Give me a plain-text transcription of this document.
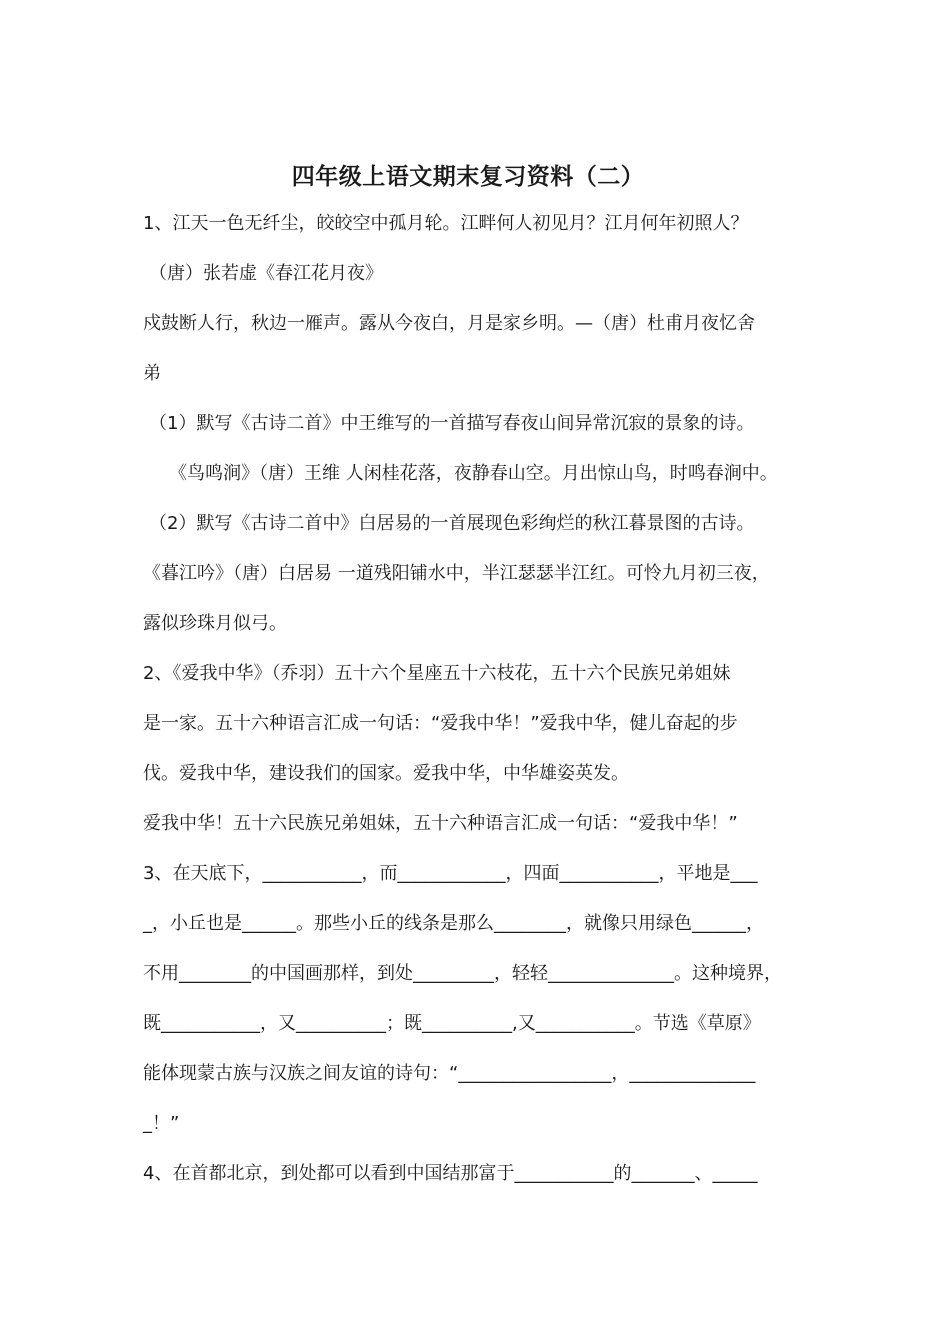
四年级上语文期末复习资料（二）
1、江天一色无纤尘，皎皎空中孤月轮。江畔何人初见月？江月何年初照人？
（唐）张若虚《春江花月夜》
戍鼓断人行，秋边一雁声。露从今夜白，月是家乡明。—（唐）杜甫月夜忆舍
弟
（1）默写《古诗二首》中王维写的一首描写春夜山间异常沉寂的景象的诗。
《鸟鸣涧》（唐）王维 人闲桂花落，夜静春山空。月出惊山鸟，时鸣春涧中。
（2）默写《古诗二首中》白居易的一首展现色彩绚烂的秋江暮景图的古诗。
《暮江吟》（唐）白居易 一道残阳铺水中，半江瑟瑟半江红。可怜九月初三夜，
露似珍珠月似弓。
2、《爱我中华》（乔羽）五十六个星座五十六枝花，五十六个民族兄弟姐妹
是一家。五十六种语言汇成一句话：“爱我中华！”爱我中华，健儿奋起的步
伐。爱我中华，建设我们的国家。爱我中华，中华雄姿英发。
爱我中华！五十六民族兄弟姐妹，五十六种语言汇成一句话：“爱我中华！”
3、在天底下，___________，而____________，四面___________，平地是___
_，小丘也是______。那些小丘的线条是那么________，就像只用绿色______，
不用________的中国画那样，到处_________，轻轻______________。这种境界，
既___________，又__________；既__________,又___________。节选《草原》
能体现蒙古族与汉族之间友谊的诗句：“_________________，______________
_！”
4、在首都北京，到处都可以看到中国结那富于___________的_______、_____
